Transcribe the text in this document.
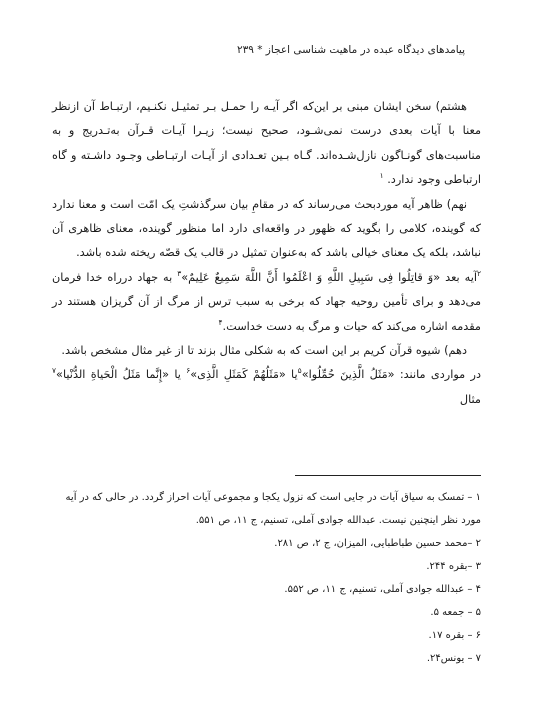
پیامدهای دیدگاه عبده در ماهیت شناسی اعجاز * ۲۳۹

هشتم) سخن ایشان مبنی بر این‌که اگر آیـه را حمـل بـر تمثیـل نکنـیم، ارتبـاط آن ازنظر معنا با آیات بعدی درست نمی‌شـود، صحیح نیست؛ زیـرا آیـات قـرآن به‌تـدریج و به مناسبت‌های گونـاگون نازل‌شـده‌اند. گـاه بـین تعـدادی از آیـات ارتبـاطی وجـود داشـته و گاه ارتباطی وجود ندارد. $^۱$

نهم) ظاهر آیه موردبحث می‌رساند که در مقامِ بیان سرگذشتِ یک امّت است و معنا ندارد که گوینده، کلامی را بگوید که ظهور در واقعه‌ای دارد اما منظور گوینده، معنای ظاهری آن نباشد، بلکه یک معنای خیالی باشد که به‌عنوان تمثیل در قالب یک قصّه ریخته شده باشد.

$^۲$آیه بعد «وَ قاتِلُوا فِی سَبِیلِ اللَّهِ وَ اعْلَمُوا أَنَّ اللَّهَ سَمِیعٌ عَلِیمٌ»$^۳$ به جهاد درراه خدا فرمان می‌دهد و برای تأمین روحیه جهاد که برخی به سبب ترس از مرگ از آن گریزان هستند در مقدمه اشاره می‌کند که حیات و مرگ به دست خداست.$^۴$

دهم) شیوه قرآن کریم بر این است که به شکلی مثال بزند تا از غیر مثال مشخص باشد.

در مواردی مانند: «مَثَلُ الَّذِینَ حُمِّلُوا»$^۵$یا «مَثَلُهُمْ کَمَثَلِ الَّذِی»$^۶$ یا «إِنَّما مَثَلُ الْحَیاةِ الدُّنْیا»$^۷$ مثال

۱ – تمسک به سیاق آیات در جایی است که نزول یکجا و مجموعی آیات احراز گردد. در حالی که در آیه مورد نظر اینچنین نیست. عبدالله جوادی آملی، تسنیم، ج ۱۱، ص ۵۵۱.
۲ –محمد حسین طباطبایی، المیزان، ج ۲، ص ۲۸۱.
۳ –بقره ۲۴۴.
۴ – عبدالله جوادی آملی، تسنیم، ج ۱۱، ص ۵۵۲.
۵ – جمعه ۵.
۶ – بقره ۱۷.
۷ – یونس۲۴.
